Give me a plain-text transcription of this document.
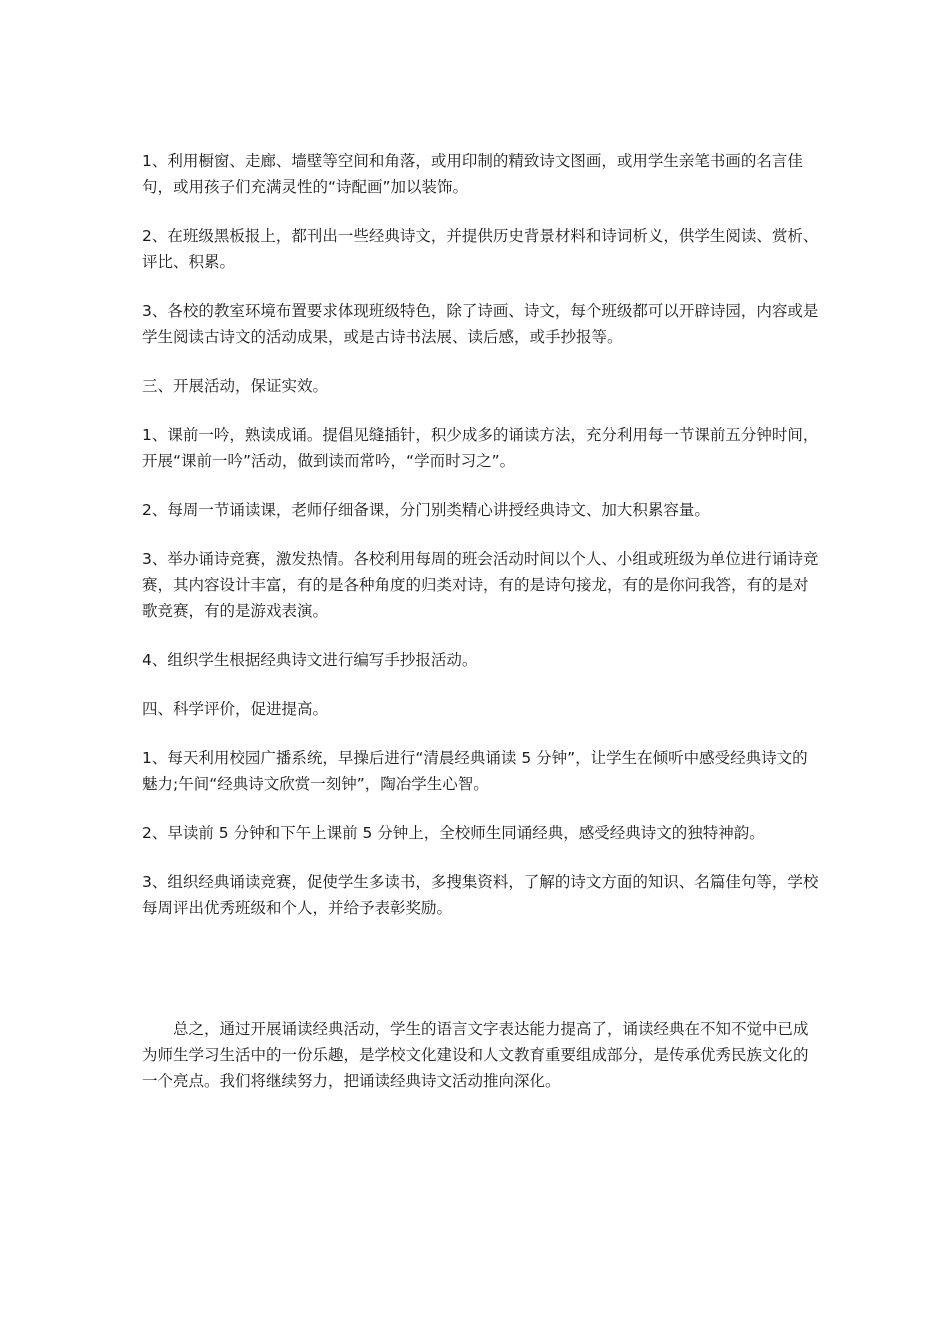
1、利用橱窗、走廊、墙壁等空间和角落，或用印制的精致诗文图画，或用学生亲笔书画的名言佳句，或用孩子们充满灵性的“诗配画”加以装饰。

2、在班级黑板报上，都刊出一些经典诗文，并提供历史背景材料和诗词析义，供学生阅读、赏析、评比、积累。

3、各校的教室环境布置要求体现班级特色，除了诗画、诗文，每个班级都可以开辟诗园，内容或是学生阅读古诗文的活动成果，或是古诗书法展、读后感，或手抄报等。

三、开展活动，保证实效。

1、课前一吟，熟读成诵。提倡见缝插针，积少成多的诵读方法，充分利用每一节课前五分钟时间，开展“课前一吟”活动，做到读而常吟，“学而时习之”。

2、每周一节诵读课，老师仔细备课，分门别类精心讲授经典诗文、加大积累容量。

3、举办诵诗竞赛，激发热情。各校利用每周的班会活动时间以个人、小组或班级为单位进行诵诗竞赛，其内容设计丰富，有的是各种角度的归类对诗，有的是诗句接龙，有的是你问我答，有的是对歌竞赛，有的是游戏表演。

4、组织学生根据经典诗文进行编写手抄报活动。

四、科学评价，促进提高。

1、每天利用校园广播系统，早操后进行“清晨经典诵读 5 分钟”，让学生在倾听中感受经典诗文的魅力;午间“经典诗文欣赏一刻钟”，陶冶学生心智。

2、早读前 5 分钟和下午上课前 5 分钟上，全校师生同诵经典，感受经典诗文的独特神韵。

3、组织经典诵读竞赛，促使学生多读书，多搜集资料，了解的诗文方面的知识、名篇佳句等，学校每周评出优秀班级和个人，并给予表彰奖励。

总之，通过开展诵读经典活动，学生的语言文字表达能力提高了，诵读经典在不知不觉中已成为师生学习生活中的一份乐趣，是学校文化建设和人文教育重要组成部分，是传承优秀民族文化的一个亮点。我们将继续努力，把诵读经典诗文活动推向深化。
